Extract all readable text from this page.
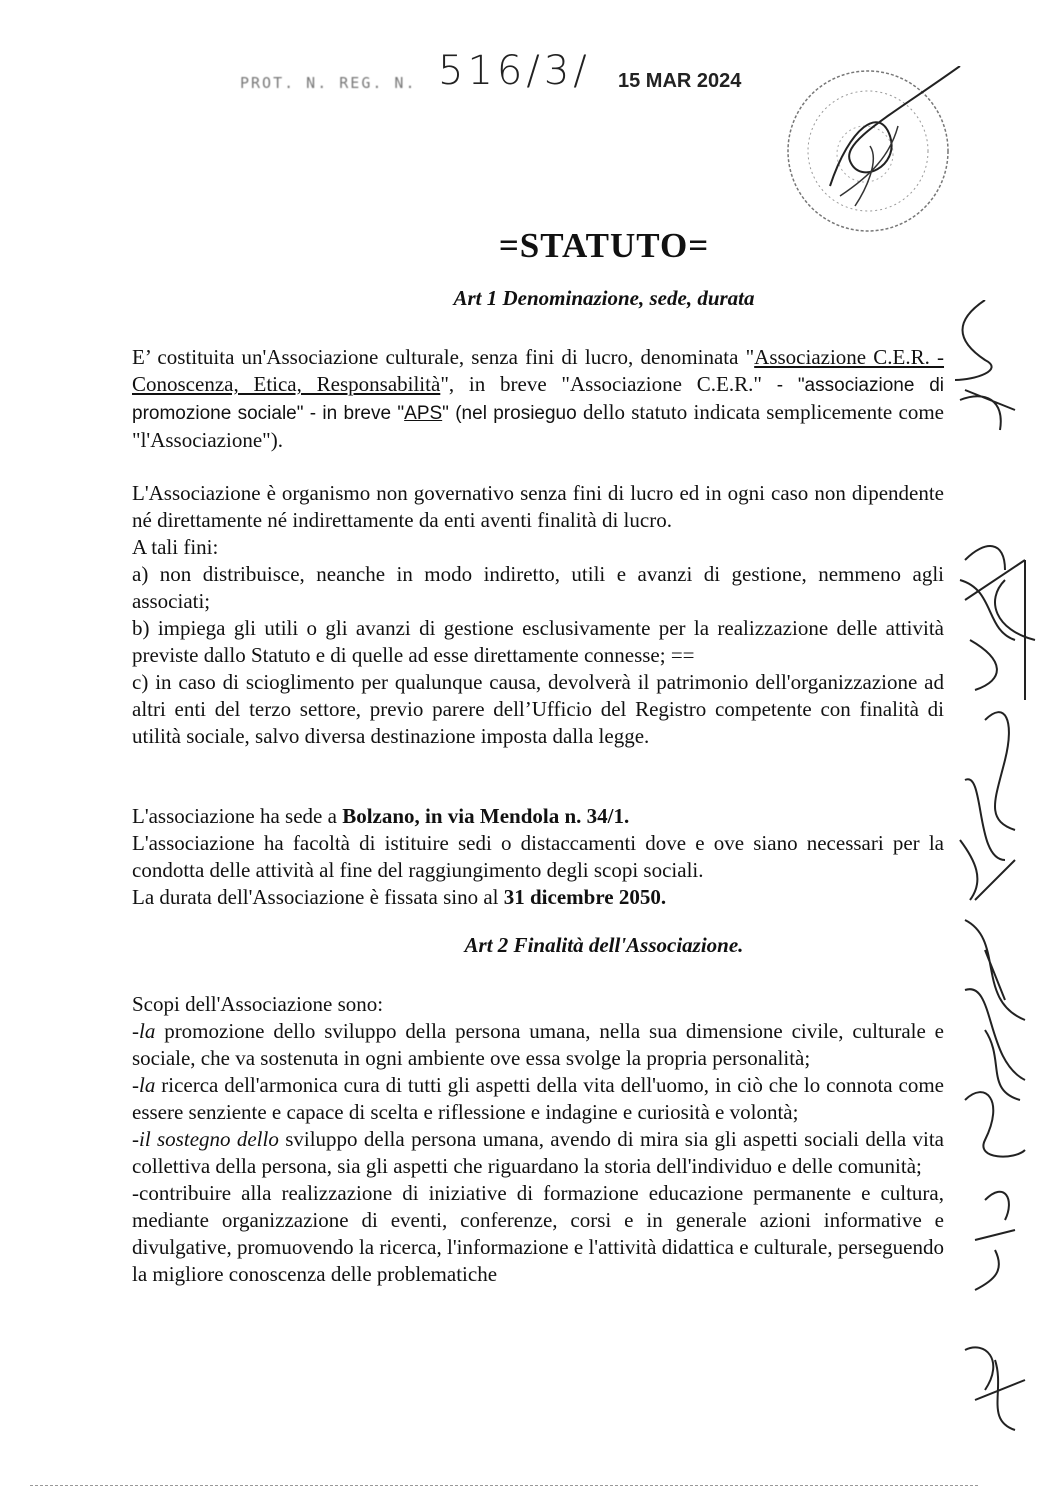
PROT. N. REG. N. 516/3/ 15 MAR 2024
=STATUTO=
Art 1 Denominazione, sede, durata

E’ costituita un'Associazione culturale, senza fini di lucro, denominata "Associazione C.E.R. - Conoscenza, Etica, Responsabilità", in breve "Associazione C.E.R." - "associazione di promozione sociale" - in breve "APS" (nel prosieguo dello statuto indicata semplicemente come "l'Associazione").

L'Associazione è organismo non governativo senza fini di lucro ed in ogni caso non dipendente né direttamente né indirettamente da enti aventi finalità di lucro.

A tali fini:

a) non distribuisce, neanche in modo indiretto, utili e avanzi di gestione, nemmeno agli associati;

b) impiega gli utili o gli avanzi di gestione esclusivamente per la realizzazione delle attività previste dallo Statuto e di quelle ad esse direttamente connesse; ==

c) in caso di scioglimento per qualunque causa, devolverà il patrimonio dell'organizzazione ad altri enti del terzo settore, previo parere dell’Ufficio del Registro competente con finalità di utilità sociale, salvo diversa destinazione imposta dalla legge.

L'associazione ha sede a Bolzano, in via Mendola n. 34/1.

L'associazione ha facoltà di istituire sedi o distaccamenti dove e ove siano necessari per la condotta delle attività al fine del raggiungimento degli scopi sociali.

La durata dell'Associazione è fissata sino al 31 dicembre 2050.

Art 2 Finalità dell'Associazione.

Scopi dell'Associazione sono:

-la promozione dello sviluppo della persona umana, nella sua dimensione civile, culturale e sociale, che va sostenuta in ogni ambiente ove essa svolge la propria personalità;

-la ricerca dell'armonica cura di tutti gli aspetti della vita dell'uomo, in ciò che lo connota come essere senziente e capace di scelta e riflessione e indagine e curiosità e volontà;

-il sostegno dello sviluppo della persona umana, avendo di mira sia gli aspetti sociali della vita collettiva della persona, sia gli aspetti che riguardano la storia dell'individuo e delle comunità;

-contribuire alla realizzazione di iniziative di formazione educazione permanente e cultura, mediante organizzazione di eventi, conferenze, corsi e in generale azioni informative e divulgative, promuovendo la ricerca, l'informazione e l'attività didattica e culturale, perseguendo la migliore conoscenza delle problematiche
